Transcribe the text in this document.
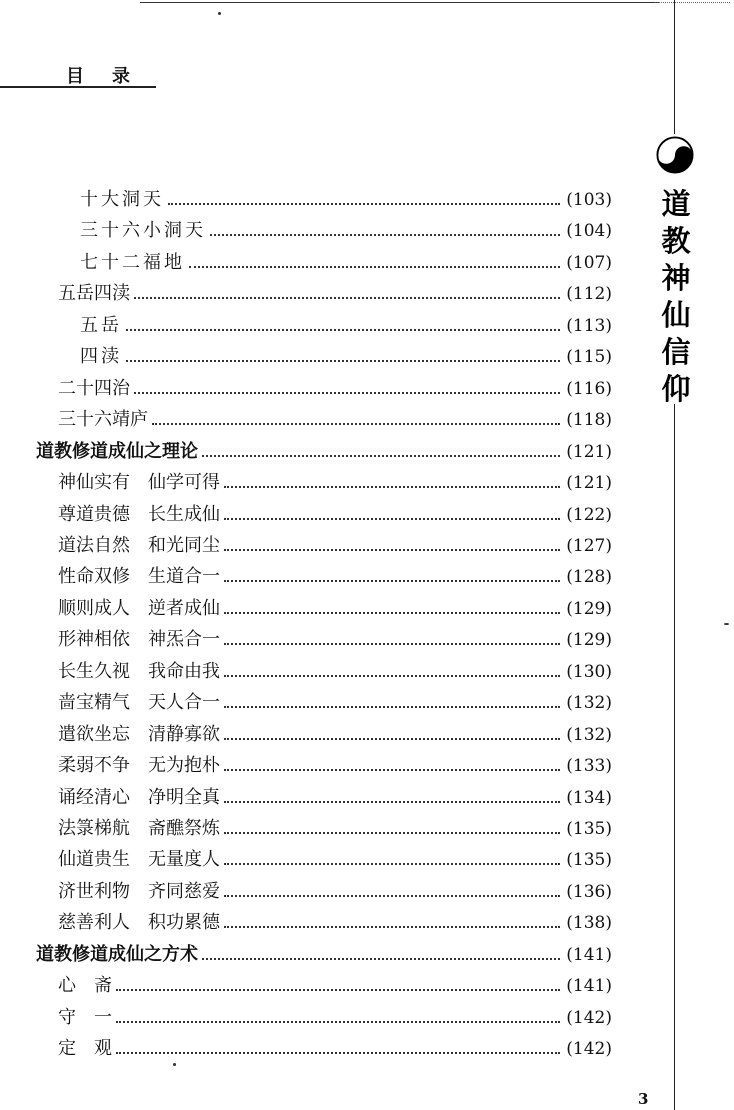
目录
道教神仙信仰
十大洞天	(103)
三十六小洞天	(104)
七十二福地	(107)
五岳四渎	(112)
五岳	(113)
四渎	(115)
二十四治	(116)
三十六靖庐	(118)
道教修道成仙之理论	(121)
神仙实有　仙学可得	(121)
尊道贵德　长生成仙	(122)
道法自然　和光同尘	(127)
性命双修　生道合一	(128)
顺则成人　逆者成仙	(129)
形神相依　神炁合一	(129)
长生久视　我命由我	(130)
啬宝精气　天人合一	(132)
遣欲坐忘　清静寡欲	(132)
柔弱不争　无为抱朴	(133)
诵经清心　净明全真	(134)
法箓梯航　斋醮祭炼	(135)
仙道贵生　无量度人	(135)
济世利物　齐同慈爱	(136)
慈善利人　积功累德	(138)
道教修道成仙之方术	(141)
心　斋	(141)
守　一	(142)
定　观	(142)
3
